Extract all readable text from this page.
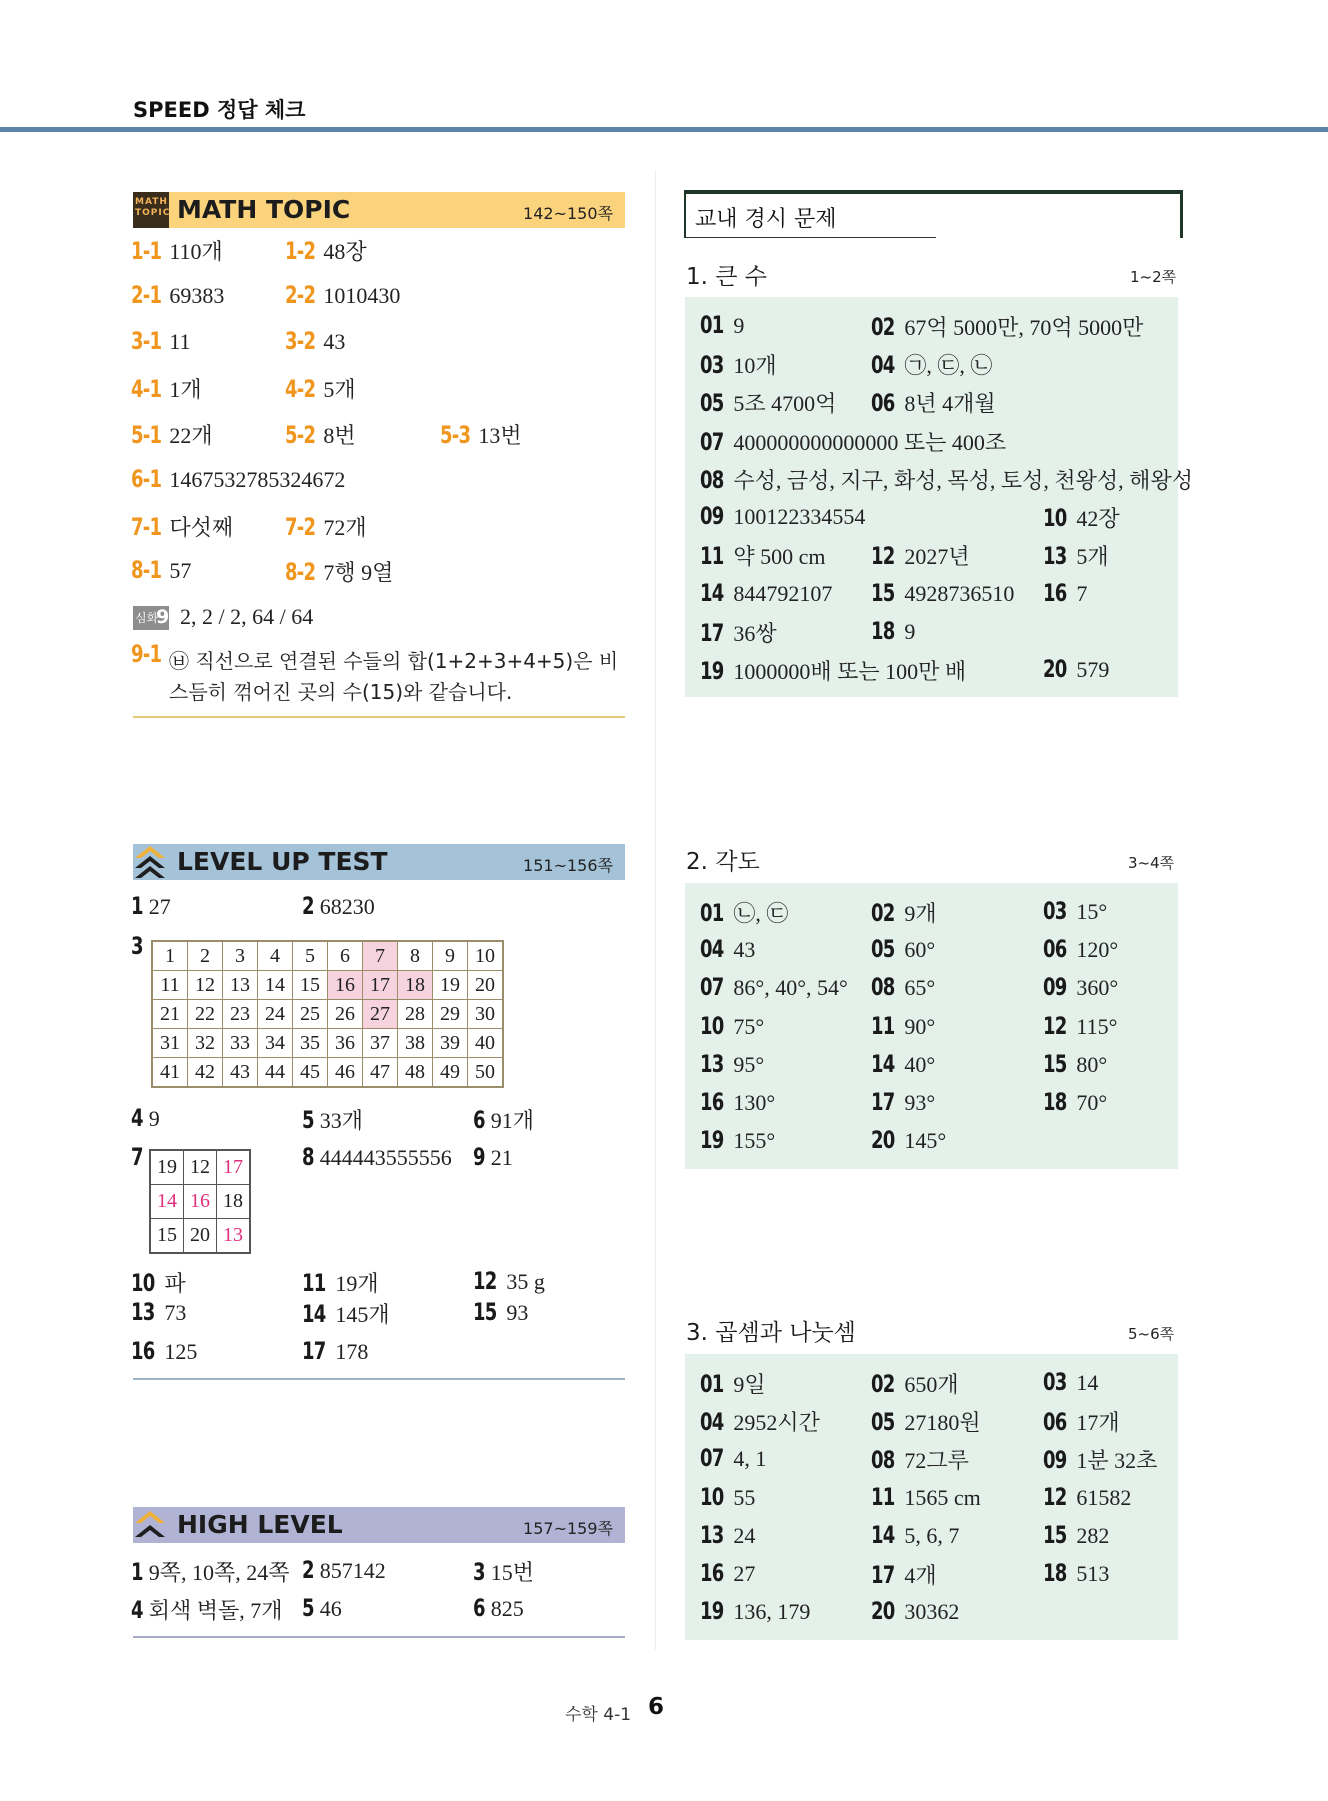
SPEED 정답 체크
MATH
TOPIC MATH TOPIC	142~150쪽
1-1 110개	1-2 48장
2-1 69383	2-2 1010430
3-1 11	3-2 43
4-1 1개	4-2 5개
5-1 22개	5-2 8번	5-3 13번
6-1 1467532785324672
7-1 다섯째 7-2 72개
8-1 57	8-2 7행 9열
심화
9 2, 2 / 2, 64 / 64
9-1 ㉥ 직선으로 연결된 수들의 합(1+2+3+4+5)은 비
스듬히 꺾어진 곳의 수(15)와 같습니다.
LEVEL UP TEST	151~156쪽
1 27	2 68230
3
4 9	5 33개	6 91개
7	8 444443555556 9 21
10 파	11 19개	12 35 g
13 73	14 145개	15 93
16 125	17 178
1	2	3	4	5	6	7	8	9	10
11	12	13	14	15	16	17	18	19	20
21	22	23	24	25	26	27	28	29	30
31	32	33	34	35	36	37	38	39	40
41	42	43	44	45	46	47	48	49	50
19	12	17
14	16	18
15	20	13
HIGH LEVEL	157~159쪽
1 9쪽, 10쪽, 24쪽 2 857142	3 15번
4 회색 벽돌, 7개 5 46	6 825
교내 경시 문제
1. 큰 수	1~2쪽
2. 각도	3~4쪽
3. 곱셈과 나눗셈	5~6쪽
01 9	02 67억 5000만, 70억 5000만
03 10개	04 ㉠, ㉢, ㉡
05 5조 4700억 06 8년 4개월
07 400000000000000 또는 400조
08 수성, 금성, 지구, 화성, 목성, 토성, 천왕성, 해왕성
09 100122334554	10 42장
11 약 500 cm 12 2027년	13 5개
14 844792107 15 4928736510 16 7
17 36쌍	18 9
19 1000000배 또는 100만 배	20 579
01 ㉡, ㉢	02 9개	03 15°
04 43	05 60°	06 120°
07 86°, 40°, 54° 08 65°	09 360°
10 75°	11 90°	12 115°
13 95°	14 40°	15 80°
16 130°	17 93°	18 70°
19 155°	20 145°
01 9일	02 650개	03 14
04 2952시간 05 27180원	06 17개
07 4, 1	08 72그루	09 1분 32초
10 55	11 1565 cm	12 61582
13 24	14 5, 6, 7	15 282
16 27	17 4개	18 513
19 136, 179	20 30362
수학 4-1 6
